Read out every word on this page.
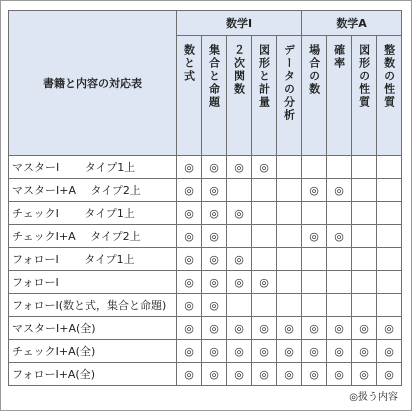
書籍と内容の対応表	数学Ⅰ					数学A			
	数と式	集合と命題	２次関数	図形と計量	データの分析	場合の数	確率	図形の性質	整数の性質
マスターⅠ　　 タイプ1上	◎	◎	◎	◎					
マスターⅠ+A　 タイプ2上	◎	◎				◎	◎		
チェックⅠ　　 タイプ1上	◎	◎	◎						
チェックⅠ+A　 タイプ2上	◎	◎				◎	◎		
フォローⅠ　　 タイプ1上	◎	◎	◎						
フォローⅠ	◎	◎	◎	◎					
フォローⅠ(数と式，集合と命題)	◎	◎							
マスターⅠ+A(全)	◎	◎	◎	◎	◎	◎	◎	◎	◎
チェックⅠ+A(全)	◎	◎	◎	◎	◎	◎	◎	◎	◎
フォローⅠ+A(全)	◎	◎	◎	◎	◎	◎	◎	◎	◎
◎扱う内容
